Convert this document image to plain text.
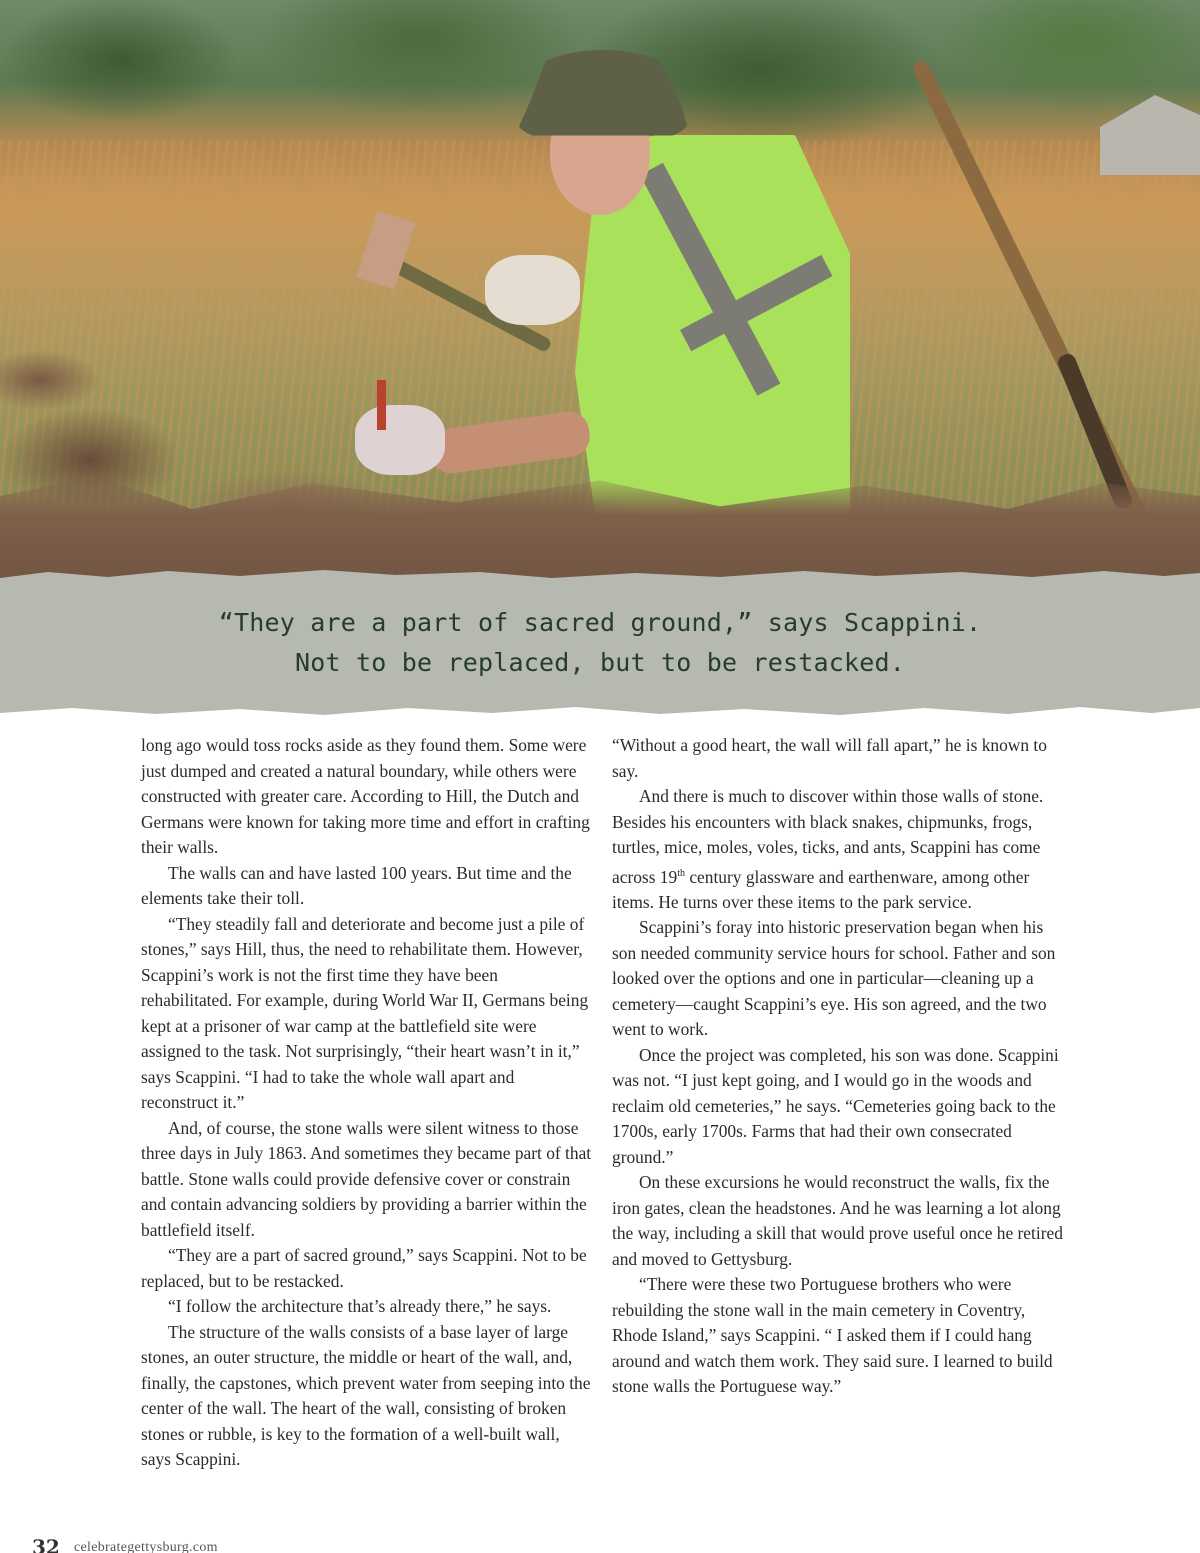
“They are a part of sacred ground,” says Scappini.
Not to be replaced, but to be restacked.

long ago would toss rocks aside as they found them. Some were just dumped and created a natural boundary, while others were constructed with greater care. According to Hill, the Dutch and Germans were known for taking more time and effort in crafting their walls.

The walls can and have lasted 100 years. But time and the elements take their toll.

“They steadily fall and deteriorate and become just a pile of stones,” says Hill, thus, the need to rehabilitate them. However, Scappini’s work is not the first time they have been rehabilitated. For example, during World War II, Germans being kept at a prisoner of war camp at the battlefield site were assigned to the task. Not surprisingly, “their heart wasn’t in it,” says Scappini. “I had to take the whole wall apart and reconstruct it.”

And, of course, the stone walls were silent witness to those three days in July 1863. And sometimes they became part of that battle. Stone walls could provide defensive cover or constrain and contain advancing soldiers by providing a barrier within the battlefield itself.

“They are a part of sacred ground,” says Scappini. Not to be replaced, but to be restacked.

“I follow the architecture that’s already there,” he says.

The structure of the walls consists of a base layer of large stones, an outer structure, the middle or heart of the wall, and, finally, the capstones, which prevent water from seeping into the center of the wall. The heart of the wall, consisting of broken stones or rubble, is key to the formation of a well-built wall, says Scappini.

“Without a good heart, the wall will fall apart,” he is known to say.

And there is much to discover within those walls of stone. Besides his encounters with black snakes, chipmunks, frogs, turtles, mice, moles, voles, ticks, and ants, Scappini has come across 19th century glassware and earthenware, among other items. He turns over these items to the park service.

Scappini’s foray into historic preservation began when his son needed community service hours for school. Father and son looked over the options and one in particular—cleaning up a cemetery—caught Scappini’s eye. His son agreed, and the two went to work.

Once the project was completed, his son was done. Scappini was not. “I just kept going, and I would go in the woods and reclaim old cemeteries,” he says. “Cemeteries going back to the 1700s, early 1700s. Farms that had their own consecrated ground.”

On these excursions he would reconstruct the walls, fix the iron gates, clean the headstones. And he was learning a lot along the way, including a skill that would prove useful once he retired and moved to Gettysburg.

“There were these two Portuguese brothers who were rebuilding the stone wall in the main cemetery in Coventry, Rhode Island,” says Scappini. “ I asked them if I could hang around and watch them work. They said sure. I learned to build stone walls the Portuguese way.”

32 celebrategettysburg.com
